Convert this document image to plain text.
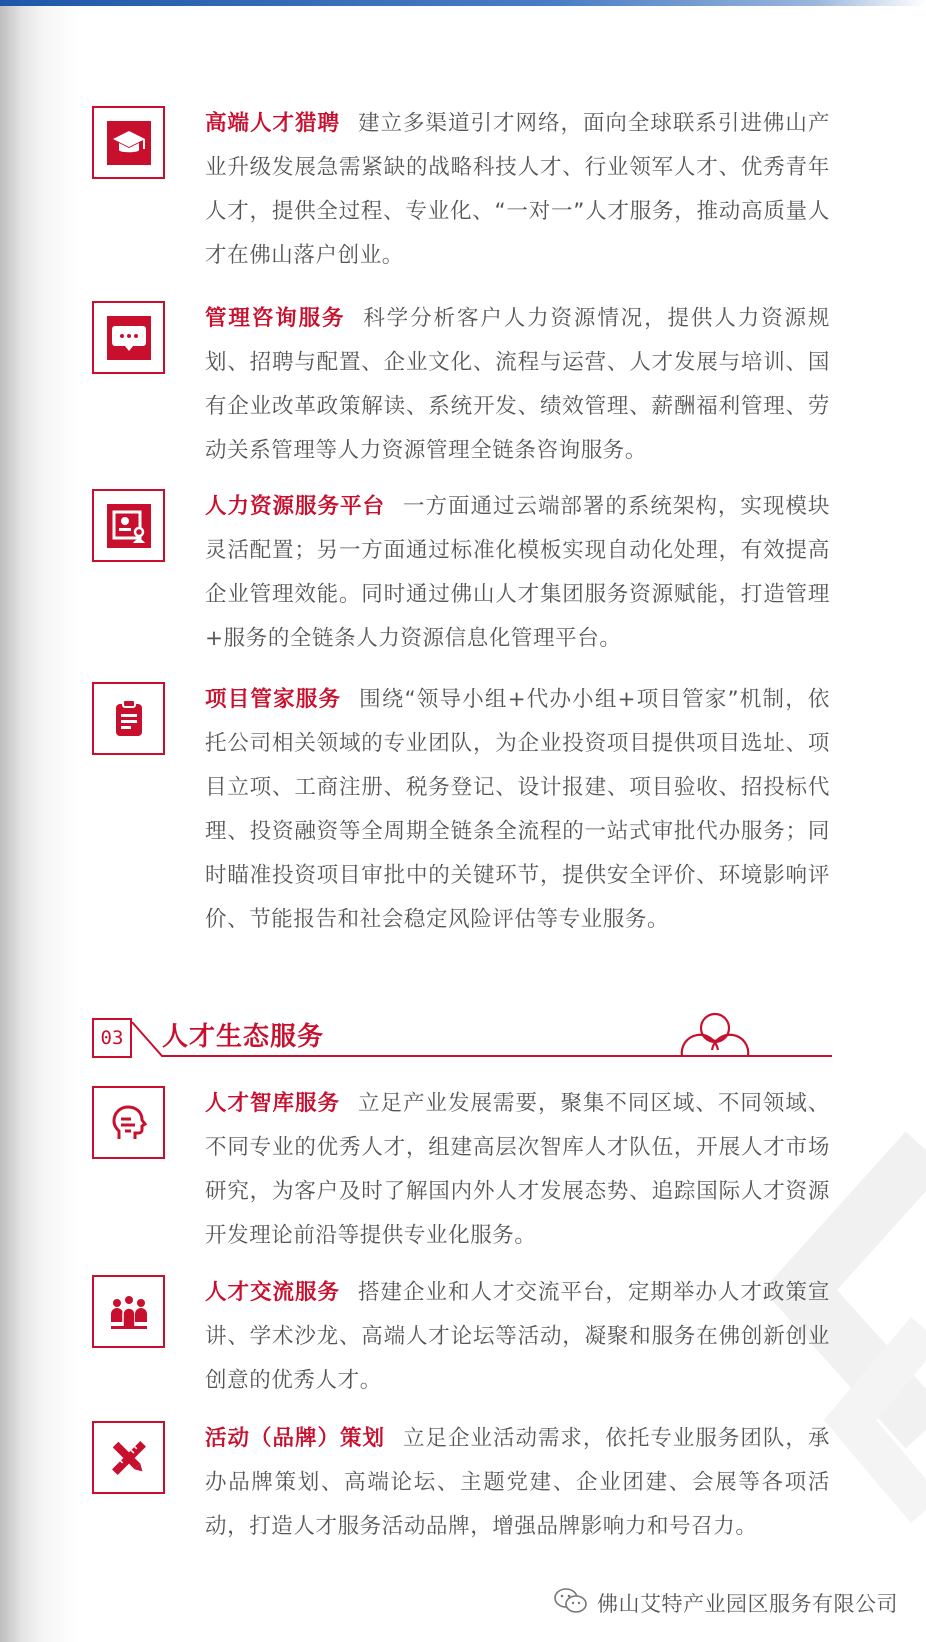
高端人才猎聘 建立多渠道引才网络，面向全球联系引进佛山产业升级发展急需紧缺的战略科技人才、行业领军人才、优秀青年人才，提供全过程、专业化、“一对一”人才服务，推动高质量人才在佛山落户创业。

管理咨询服务 科学分析客户人力资源情况，提供人力资源规划、招聘与配置、企业文化、流程与运营、人才发展与培训、国有企业改革政策解读、系统开发、绩效管理、薪酬福利管理、劳动关系管理等人力资源管理全链条咨询服务。

人力资源服务平台 一方面通过云端部署的系统架构，实现模块灵活配置；另一方面通过标准化模板实现自动化处理，有效提高企业管理效能。同时通过佛山人才集团服务资源赋能，打造管理+服务的全链条人力资源信息化管理平台。

项目管家服务 围绕“领导小组+代办小组+项目管家”机制，依托公司相关领域的专业团队，为企业投资项目提供项目选址、项目立项、工商注册、税务登记、设计报建、项目验收、招投标代理、投资融资等全周期全链条全流程的一站式审批代办服务；同时瞄准投资项目审批中的关键环节，提供安全评价、环境影响评价、节能报告和社会稳定风险评估等专业服务。

03	人才生态服务

人才智库服务 立足产业发展需要，聚集不同区域、不同领域、不同专业的优秀人才，组建高层次智库人才队伍，开展人才市场研究，为客户及时了解国内外人才发展态势、追踪国际人才资源开发理论前沿等提供专业化服务。

人才交流服务 搭建企业和人才交流平台，定期举办人才政策宣讲、学术沙龙、高端人才论坛等活动，凝聚和服务在佛创新创业创意的优秀人才。

活动（品牌）策划 立足企业活动需求，依托专业服务团队，承办品牌策划、高端论坛、主题党建、企业团建、会展等各项活动，打造人才服务活动品牌，增强品牌影响力和号召力。

佛山艾特产业园区服务有限公司
